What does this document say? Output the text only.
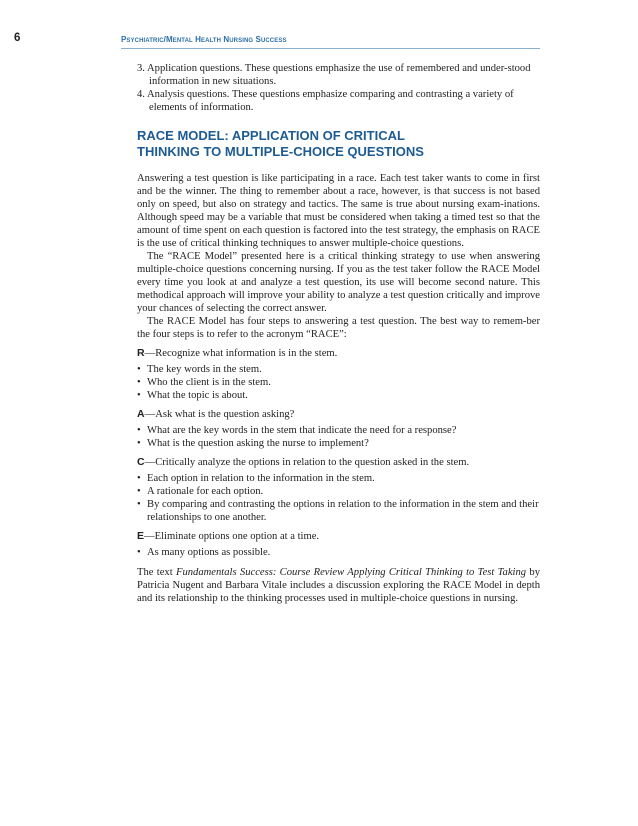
6	Psychiatric/Mental Health Nursing Success
3. Application questions. These questions emphasize the use of remembered and under-stood information in new situations.
4. Analysis questions. These questions emphasize comparing and contrasting a variety of elements of information.
RACE MODEL: APPLICATION OF CRITICAL
THINKING TO MULTIPLE-CHOICE QUESTIONS

Answering a test question is like participating in a race. Each test taker wants to come in first and be the winner. The thing to remember about a race, however, is that success is not based only on speed, but also on strategy and tactics. The same is true about nursing exam-inations. Although speed may be a variable that must be considered when taking a timed test so that the amount of time spent on each question is factored into the test strategy, the emphasis on RACE is the use of critical thinking techniques to answer multiple-choice questions.

The “RACE Model” presented here is a critical thinking strategy to use when answering multiple-choice questions concerning nursing. If you as the test taker follow the RACE Model every time you look at and analyze a test question, its use will become second nature. This methodical approach will improve your ability to analyze a test question critically and improve your chances of selecting the correct answer.

The RACE Model has four steps to answering a test question. The best way to remem-ber the four steps is to refer to the acronym “RACE”:

R—Recognize what information is in the stem.
• The key words in the stem.
• Who the client is in the stem.
• What the topic is about.
A—Ask what is the question asking?
• What are the key words in the stem that indicate the need for a response?
• What is the question asking the nurse to implement?
C—Critically analyze the options in relation to the question asked in the stem.
• Each option in relation to the information in the stem.
• A rationale for each option.
• By comparing and contrasting the options in relation to the information in the stem and their relationships to one another.
E—Eliminate options one option at a time.
• As many options as possible.

The text Fundamentals Success: Course Review Applying Critical Thinking to Test Taking by Patricia Nugent and Barbara Vitale includes a discussion exploring the RACE Model in depth and its relationship to the thinking processes used in multiple-choice questions in nursing.
